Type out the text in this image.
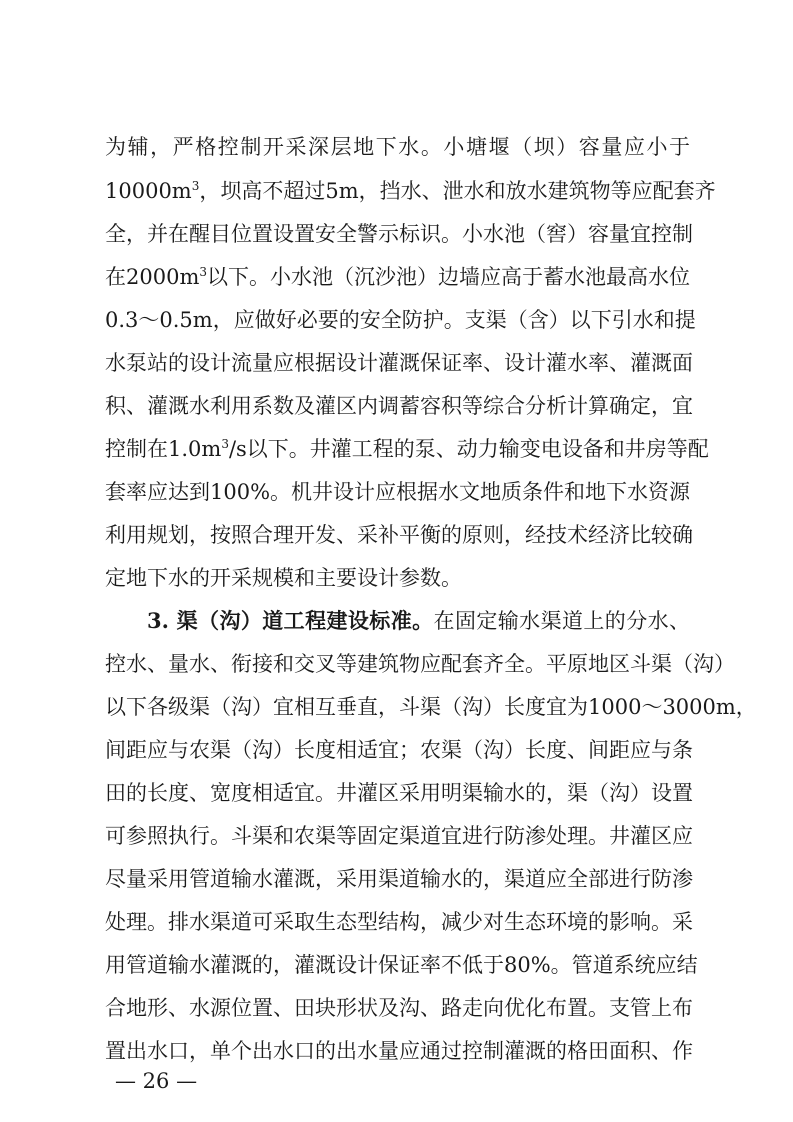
为辅，严格控制开采深层地下水。小塘堰（坝）容量应小于
$10000m^3$，坝高不超过5m，挡水、泄水和放水建筑物等应配套齐
全，并在醒目位置设置安全警示标识。小水池（窖）容量宜控制
在$2000m^3$以下。小水池（沉沙池）边墙应高于蓄水池最高水位
0.3～0.5m，应做好必要的安全防护。支渠（含）以下引水和提
水泵站的设计流量应根据设计灌溉保证率、设计灌水率、灌溉面
积、灌溉水利用系数及灌区内调蓄容积等综合分析计算确定，宜
控制在$1.0m^3/s$以下。井灌工程的泵、动力输变电设备和井房等配
套率应达到100%。机井设计应根据水文地质条件和地下水资源
利用规划，按照合理开发、采补平衡的原则，经技术经济比较确
定地下水的开采规模和主要设计参数。
3. 渠（沟）道工程建设标准。在固定输水渠道上的分水、
控水、量水、衔接和交叉等建筑物应配套齐全。平原地区斗渠（沟）
以下各级渠（沟）宜相互垂直，斗渠（沟）长度宜为1000～3000m，
间距应与农渠（沟）长度相适宜；农渠（沟）长度、间距应与条
田的长度、宽度相适宜。井灌区采用明渠输水的，渠（沟）设置
可参照执行。斗渠和农渠等固定渠道宜进行防渗处理。井灌区应
尽量采用管道输水灌溉，采用渠道输水的，渠道应全部进行防渗
处理。排水渠道可采取生态型结构，减少对生态环境的影响。采
用管道输水灌溉的，灌溉设计保证率不低于80%。管道系统应结
合地形、水源位置、田块形状及沟、路走向优化布置。支管上布
置出水口，单个出水口的出水量应通过控制灌溉的格田面积、作
— 26 —
